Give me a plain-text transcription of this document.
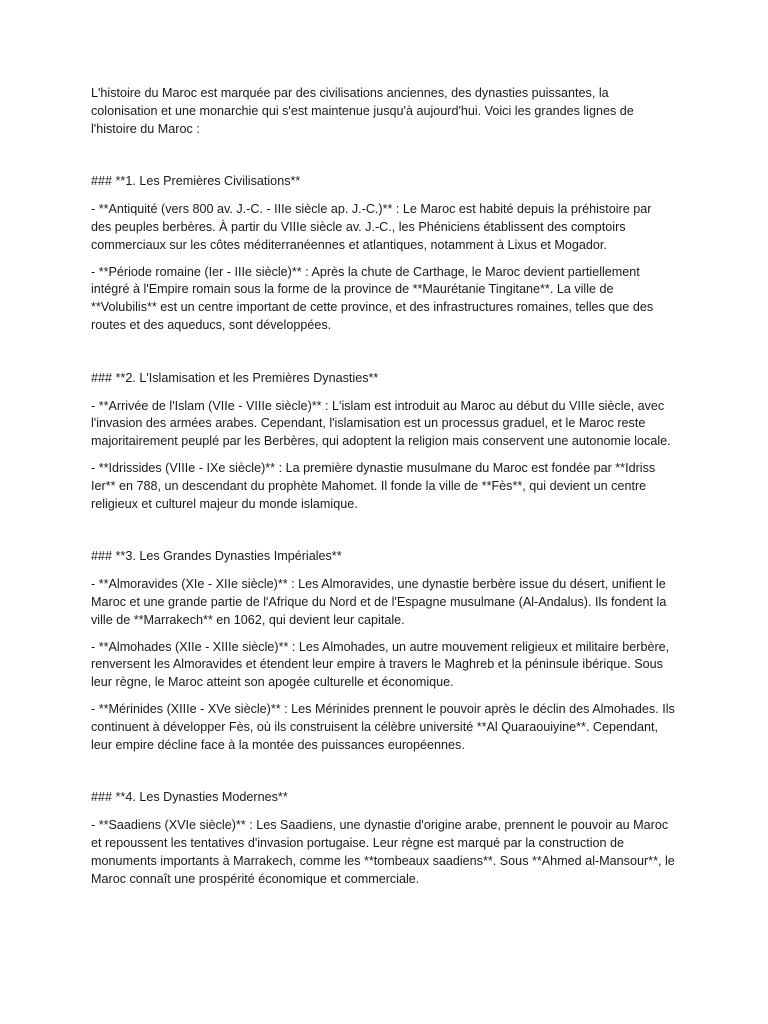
L'histoire du Maroc est marquée par des civilisations anciennes, des dynasties puissantes, la colonisation et une monarchie qui s'est maintenue jusqu'à aujourd'hui. Voici les grandes lignes de l'histoire du Maroc :

### **1. Les Premières Civilisations**

- **Antiquité (vers 800 av. J.-C. - IIIe siècle ap. J.-C.)** : Le Maroc est habité depuis la préhistoire par des peuples berbères. À partir du VIIIe siècle av. J.-C., les Phéniciens établissent des comptoirs commerciaux sur les côtes méditerranéennes et atlantiques, notamment à Lixus et Mogador.

- **Période romaine (Ier - IIIe siècle)** : Après la chute de Carthage, le Maroc devient partiellement intégré à l'Empire romain sous la forme de la province de **Maurétanie Tingitane**. La ville de **Volubilis** est un centre important de cette province, et des infrastructures romaines, telles que des routes et des aqueducs, sont développées.

### **2. L'Islamisation et les Premières Dynasties**

- **Arrivée de l'Islam (VIIe - VIIIe siècle)** : L'islam est introduit au Maroc au début du VIIIe siècle, avec l'invasion des armées arabes. Cependant, l'islamisation est un processus graduel, et le Maroc reste majoritairement peuplé par les Berbères, qui adoptent la religion mais conservent une autonomie locale.

- **Idrissides (VIIIe - IXe siècle)** : La première dynastie musulmane du Maroc est fondée par **Idriss Ier** en 788, un descendant du prophète Mahomet. Il fonde la ville de **Fès**, qui devient un centre religieux et culturel majeur du monde islamique.

### **3. Les Grandes Dynasties Impériales**

- **Almoravides (XIe - XIIe siècle)** : Les Almoravides, une dynastie berbère issue du désert, unifient le Maroc et une grande partie de l'Afrique du Nord et de l'Espagne musulmane (Al-Andalus). Ils fondent la ville de **Marrakech** en 1062, qui devient leur capitale.

- **Almohades (XIIe - XIIIe siècle)** : Les Almohades, un autre mouvement religieux et militaire berbère, renversent les Almoravides et étendent leur empire à travers le Maghreb et la péninsule ibérique. Sous leur règne, le Maroc atteint son apogée culturelle et économique.

- **Mérinides (XIIIe - XVe siècle)** : Les Mérinides prennent le pouvoir après le déclin des Almohades. Ils continuent à développer Fès, où ils construisent la célèbre université **Al Quaraouiyine**. Cependant, leur empire décline face à la montée des puissances européennes.

### **4. Les Dynasties Modernes**

- **Saadiens (XVIe siècle)** : Les Saadiens, une dynastie d'origine arabe, prennent le pouvoir au Maroc et repoussent les tentatives d'invasion portugaise. Leur règne est marqué par la construction de monuments importants à Marrakech, comme les **tombeaux saadiens**. Sous **Ahmed al-Mansour**, le Maroc connaît une prospérité économique et commerciale.
